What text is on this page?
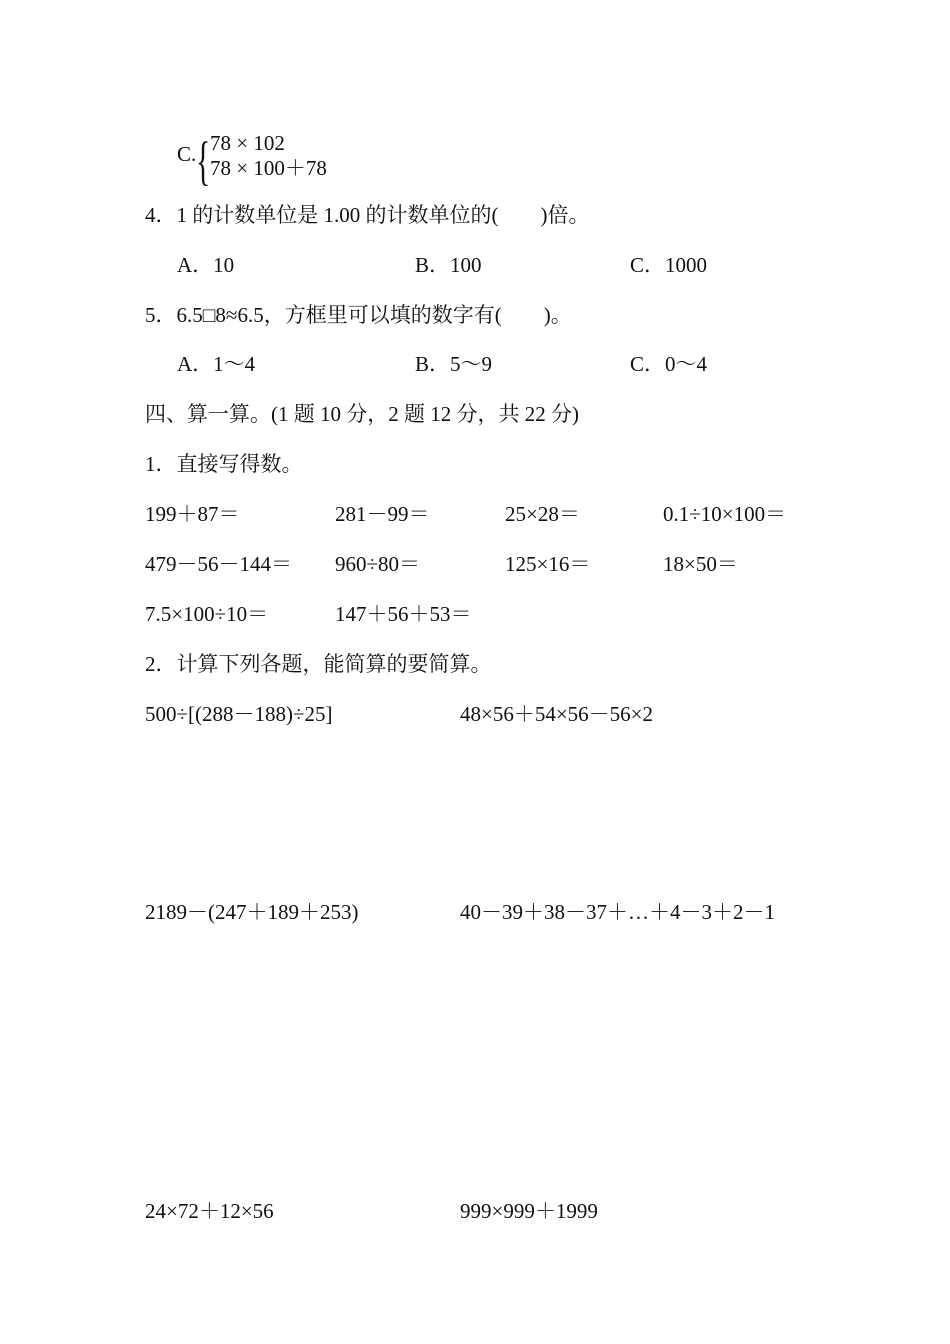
C. { 78 × 102
78 × 100＋78
4．1 的计数单位是 1.00 的计数单位的(　　)倍。
A．10	B．100	C．1000
5．6.5□8≈6.5，方框里可以填的数字有(　　)。
A．1～4	B．5～9	C．0～4
四、算一算。(1 题 10 分，2 题 12 分，共 22 分)
1．直接写得数。
199＋87＝	281－99＝	25×28＝	0.1÷10×100＝
479－56－144＝ 960÷80＝	125×16＝	18×50＝
7.5×100÷10＝	147＋56＋53＝
2．计算下列各题，能简算的要简算。
500÷[(288－188)÷25]	48×56＋54×56－56×2
2189－(247＋189＋253)	40－39＋38－37＋…＋4－3＋2－1
24×72＋12×56	999×999＋1999
